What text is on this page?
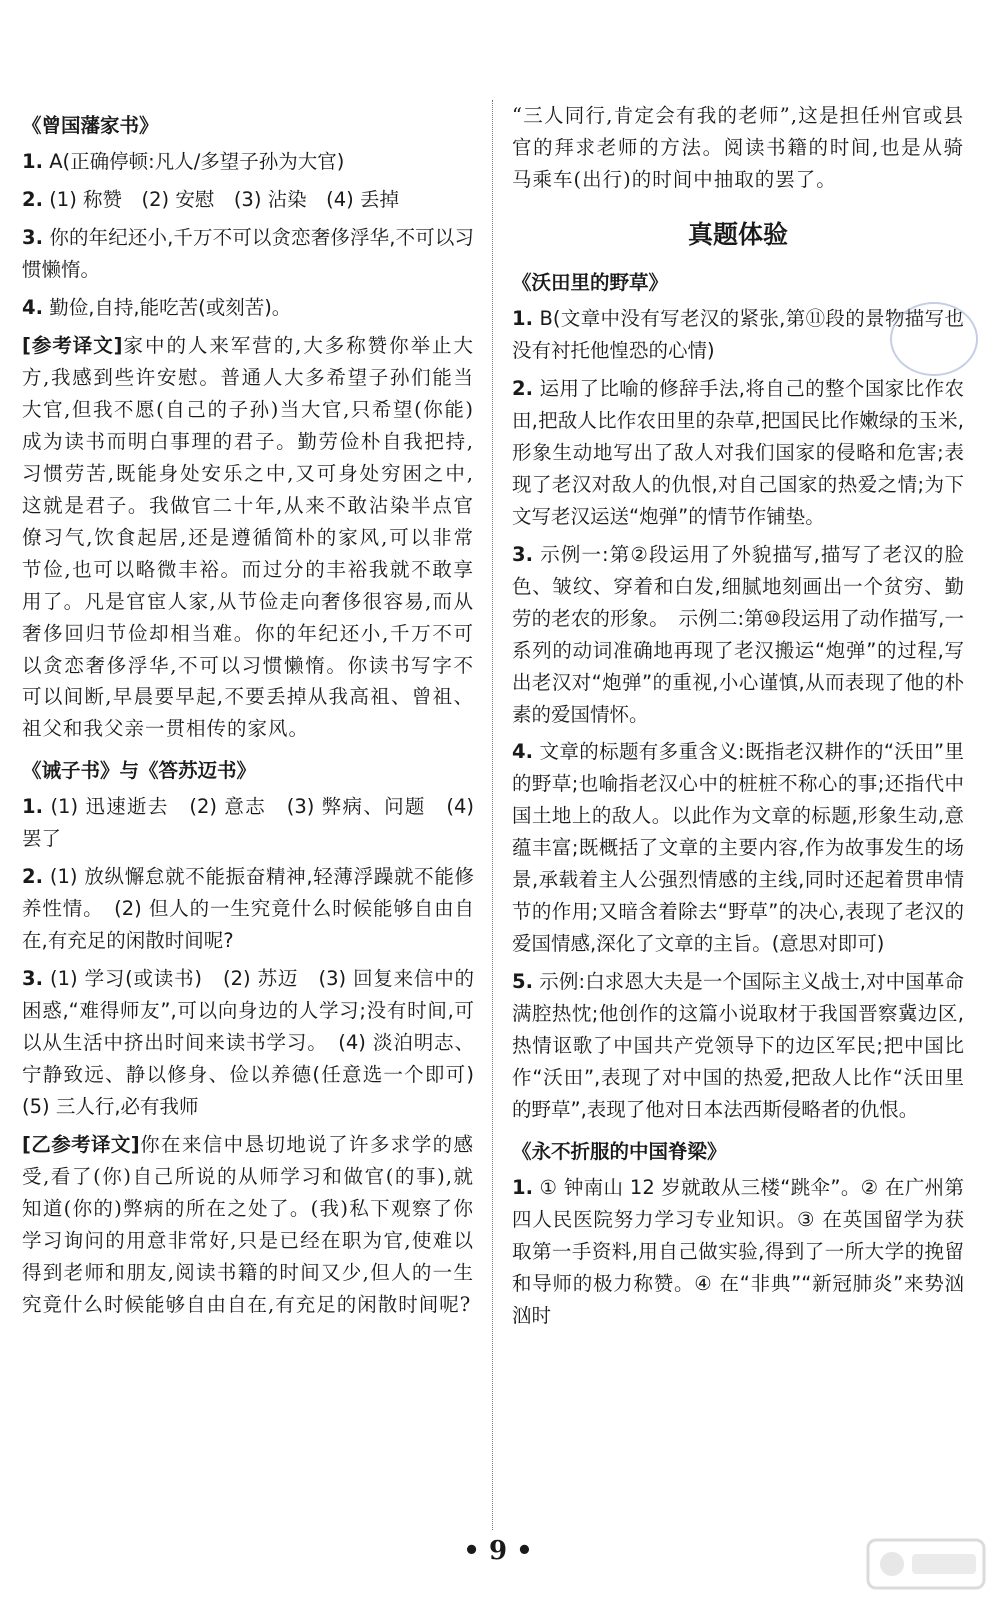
《曾国藩家书》
1. A(正确停顿:凡人/多望子孙为大官)
2. (1) 称赞　(2) 安慰　(3) 沾染　(4) 丢掉
3. 你的年纪还小,千万不可以贪恋奢侈浮华,不可以习惯懒惰。
4. 勤俭,自持,能吃苦(或刻苦)。
[参考译文]家中的人来军营的,大多称赞你举止大方,我感到些许安慰。普通人大多希望子孙们能当大官,但我不愿(自己的子孙)当大官,只希望(你能)成为读书而明白事理的君子。勤劳俭朴自我把持,习惯劳苦,既能身处安乐之中,又可身处穷困之中,这就是君子。我做官二十年,从来不敢沾染半点官僚习气,饮食起居,还是遵循简朴的家风,可以非常节俭,也可以略微丰裕。而过分的丰裕我就不敢享用了。凡是官宦人家,从节俭走向奢侈很容易,而从奢侈回归节俭却相当难。你的年纪还小,千万不可以贪恋奢侈浮华,不可以习惯懒惰。你读书写字不可以间断,早晨要早起,不要丢掉从我高祖、曾祖、祖父和我父亲一贯相传的家风。
《诫子书》与《答苏迈书》
1. (1) 迅速逝去　(2) 意志　(3) 弊病、问题　(4) 罢了
2. (1) 放纵懈怠就不能振奋精神,轻薄浮躁就不能修养性情。　(2) 但人的一生究竟什么时候能够自由自在,有充足的闲散时间呢?
3. (1) 学习(或读书)　(2) 苏迈　(3) 回复来信中的困惑,“难得师友”,可以向身边的人学习;没有时间,可以从生活中挤出时间来读书学习。　(4) 淡泊明志、宁静致远、静以修身、俭以养德(任意选一个即可)　(5) 三人行,必有我师
[乙参考译文]你在来信中恳切地说了许多求学的感受,看了(你)自己所说的从师学习和做官(的事),就知道(你的)弊病的所在之处了。(我)私下观察了你学习询问的用意非常好,只是已经在职为官,使难以得到老师和朋友,阅读书籍的时间又少,但人的一生究竟什么时候能够自由自在,有充足的闲散时间呢?
“三人同行,肯定会有我的老师”,这是担任州官或县官的拜求老师的方法。阅读书籍的时间,也是从骑马乘车(出行)的时间中抽取的罢了。
真题体验
《沃田里的野草》
1. B(文章中没有写老汉的紧张,第⑪段的景物描写也没有衬托他惶恐的心情)
2. 运用了比喻的修辞手法,将自己的整个国家比作农田,把敌人比作农田里的杂草,把国民比作嫩绿的玉米,形象生动地写出了敌人对我们国家的侵略和危害;表现了老汉对敌人的仇恨,对自己国家的热爱之情;为下文写老汉运送“炮弹”的情节作铺垫。
3. 示例一:第②段运用了外貌描写,描写了老汉的脸色、皱纹、穿着和白发,细腻地刻画出一个贫穷、勤劳的老农的形象。　示例二:第⑩段运用了动作描写,一系列的动词准确地再现了老汉搬运“炮弹”的过程,写出老汉对“炮弹”的重视,小心谨慎,从而表现了他的朴素的爱国情怀。
4. 文章的标题有多重含义:既指老汉耕作的“沃田”里的野草;也喻指老汉心中的桩桩不称心的事;还指代中国土地上的敌人。以此作为文章的标题,形象生动,意蕴丰富;既概括了文章的主要内容,作为故事发生的场景,承载着主人公强烈情感的主线,同时还起着贯串情节的作用;又暗含着除去“野草”的决心,表现了老汉的爱国情感,深化了文章的主旨。(意思对即可)
5. 示例:白求恩大夫是一个国际主义战士,对中国革命满腔热忱;他创作的这篇小说取材于我国晋察冀边区,热情讴歌了中国共产党领导下的边区军民;把中国比作“沃田”,表现了对中国的热爱,把敌人比作“沃田里的野草”,表现了他对日本法西斯侵略者的仇恨。
《永不折服的中国脊梁》
1. ① 钟南山 12 岁就敢从三楼“跳伞”。② 在广州第四人民医院努力学习专业知识。③ 在英国留学为获取第一手资料,用自己做实验,得到了一所大学的挽留和导师的极力称赞。④ 在“非典”“新冠肺炎”来势汹汹时
• 9 •
